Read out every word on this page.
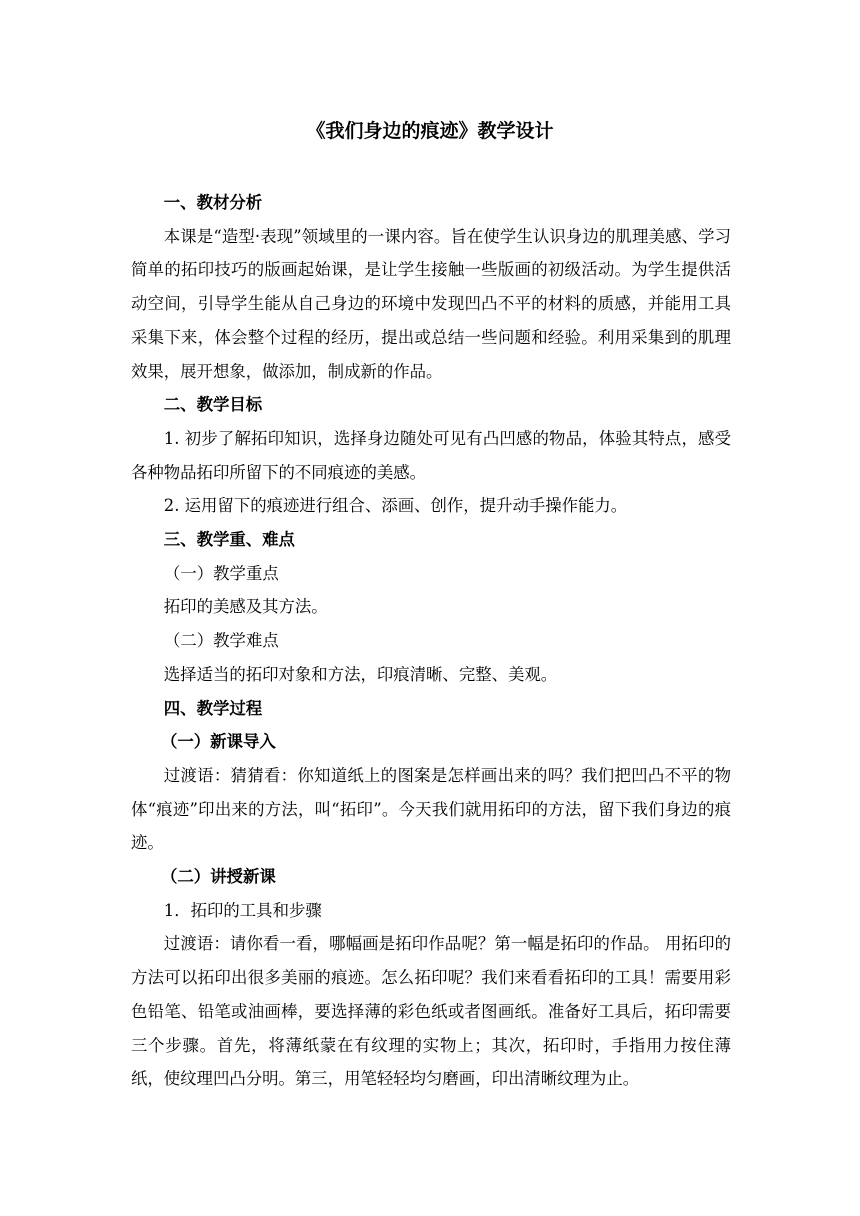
《我们身边的痕迹》教学设计

一、教材分析

本课是“造型·表现”领域里的一课内容。旨在使学生认识身边的肌理美感、学习简单的拓印技巧的版画起始课，是让学生接触一些版画的初级活动。为学生提供活动空间，引导学生能从自己身边的环境中发现凹凸不平的材料的质感，并能用工具采集下来，体会整个过程的经历，提出或总结一些问题和经验。利用采集到的肌理效果，展开想象，做添加，制成新的作品。

二、教学目标

1. 初步了解拓印知识，选择身边随处可见有凸凹感的物品，体验其特点，感受各种物品拓印所留下的不同痕迹的美感。

2. 运用留下的痕迹进行组合、添画、创作，提升动手操作能力。

三、教学重、难点

（一）教学重点

拓印的美感及其方法。

（二）教学难点

选择适当的拓印对象和方法，印痕清晰、完整、美观。

四、教学过程

（一）新课导入

过渡语：猜猜看：你知道纸上的图案是怎样画出来的吗？我们把凹凸不平的物体“痕迹”印出来的方法，叫“拓印”。今天我们就用拓印的方法，留下我们身边的痕迹。

（二）讲授新课

1．拓印的工具和步骤

过渡语：请你看一看，哪幅画是拓印作品呢？第一幅是拓印的作品。 用拓印的方法可以拓印出很多美丽的痕迹。怎么拓印呢？我们来看看拓印的工具！需要用彩色铅笔、铅笔或油画棒，要选择薄的彩色纸或者图画纸。准备好工具后，拓印需要三个步骤。首先，将薄纸蒙在有纹理的实物上；其次，拓印时，手指用力按住薄纸，使纹理凹凸分明。第三，用笔轻轻均匀磨画，印出清晰纹理为止。
